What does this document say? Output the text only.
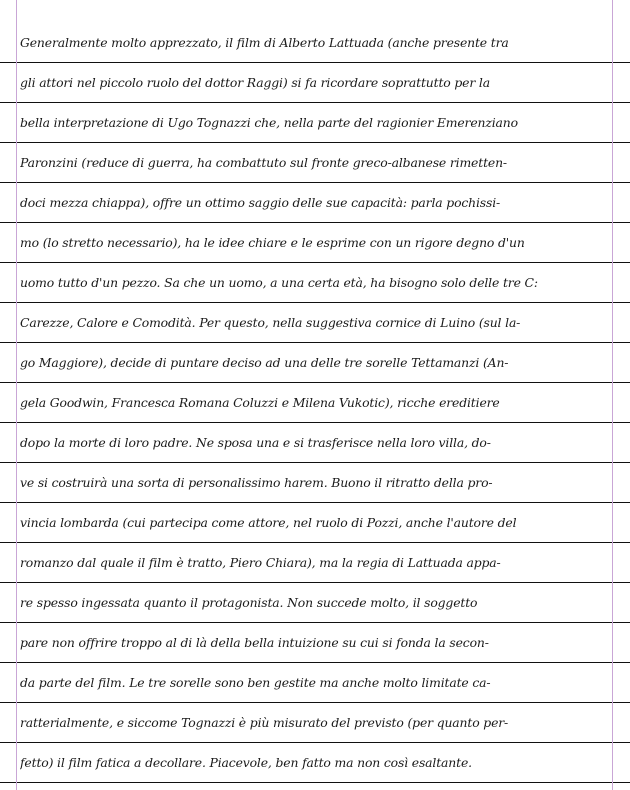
Generalmente molto apprezzato, il film di Alberto Lattuada (anche presente tra
gli attori nel piccolo ruolo del dottor Raggi) si fa ricordare soprattutto per la
bella interpretazione di Ugo Tognazzi che, nella parte del ragionier Emerenziano
Paronzini (reduce di guerra, ha combattuto sul fronte greco-albanese rimetten-
doci mezza chiappa), offre un ottimo saggio delle sue capacità: parla pochissi-
mo (lo stretto necessario), ha le idee chiare e le esprime con un rigore degno d'un
uomo tutto d'un pezzo. Sa che un uomo, a una certa età, ha bisogno solo delle tre C:
Carezze, Calore e Comodità. Per questo, nella suggestiva cornice di Luino (sul la-
go Maggiore), decide di puntare deciso ad una delle tre sorelle Tettamanzi (An-
gela Goodwin, Francesca Romana Coluzzi e Milena Vukotic), ricche ereditiere
dopo la morte di loro padre. Ne sposa una e si trasferisce nella loro villa, do-
ve si costruirà una sorta di personalissimo harem. Buono il ritratto della pro-
vincia lombarda (cui partecipa come attore, nel ruolo di Pozzi, anche l'autore del
romanzo dal quale il film è tratto, Piero Chiara), ma la regia di Lattuada appa-
re spesso ingessata quanto il protagonista. Non succede molto, il soggetto
pare non offrire troppo al di là della bella intuizione su cui si fonda la secon-
da parte del film. Le tre sorelle sono ben gestite ma anche molto limitate ca-
ratterialmente, e siccome Tognazzi è più misurato del previsto (per quanto per-
fetto) il film fatica a decollare. Piacevole, ben fatto ma non così esaltante.
